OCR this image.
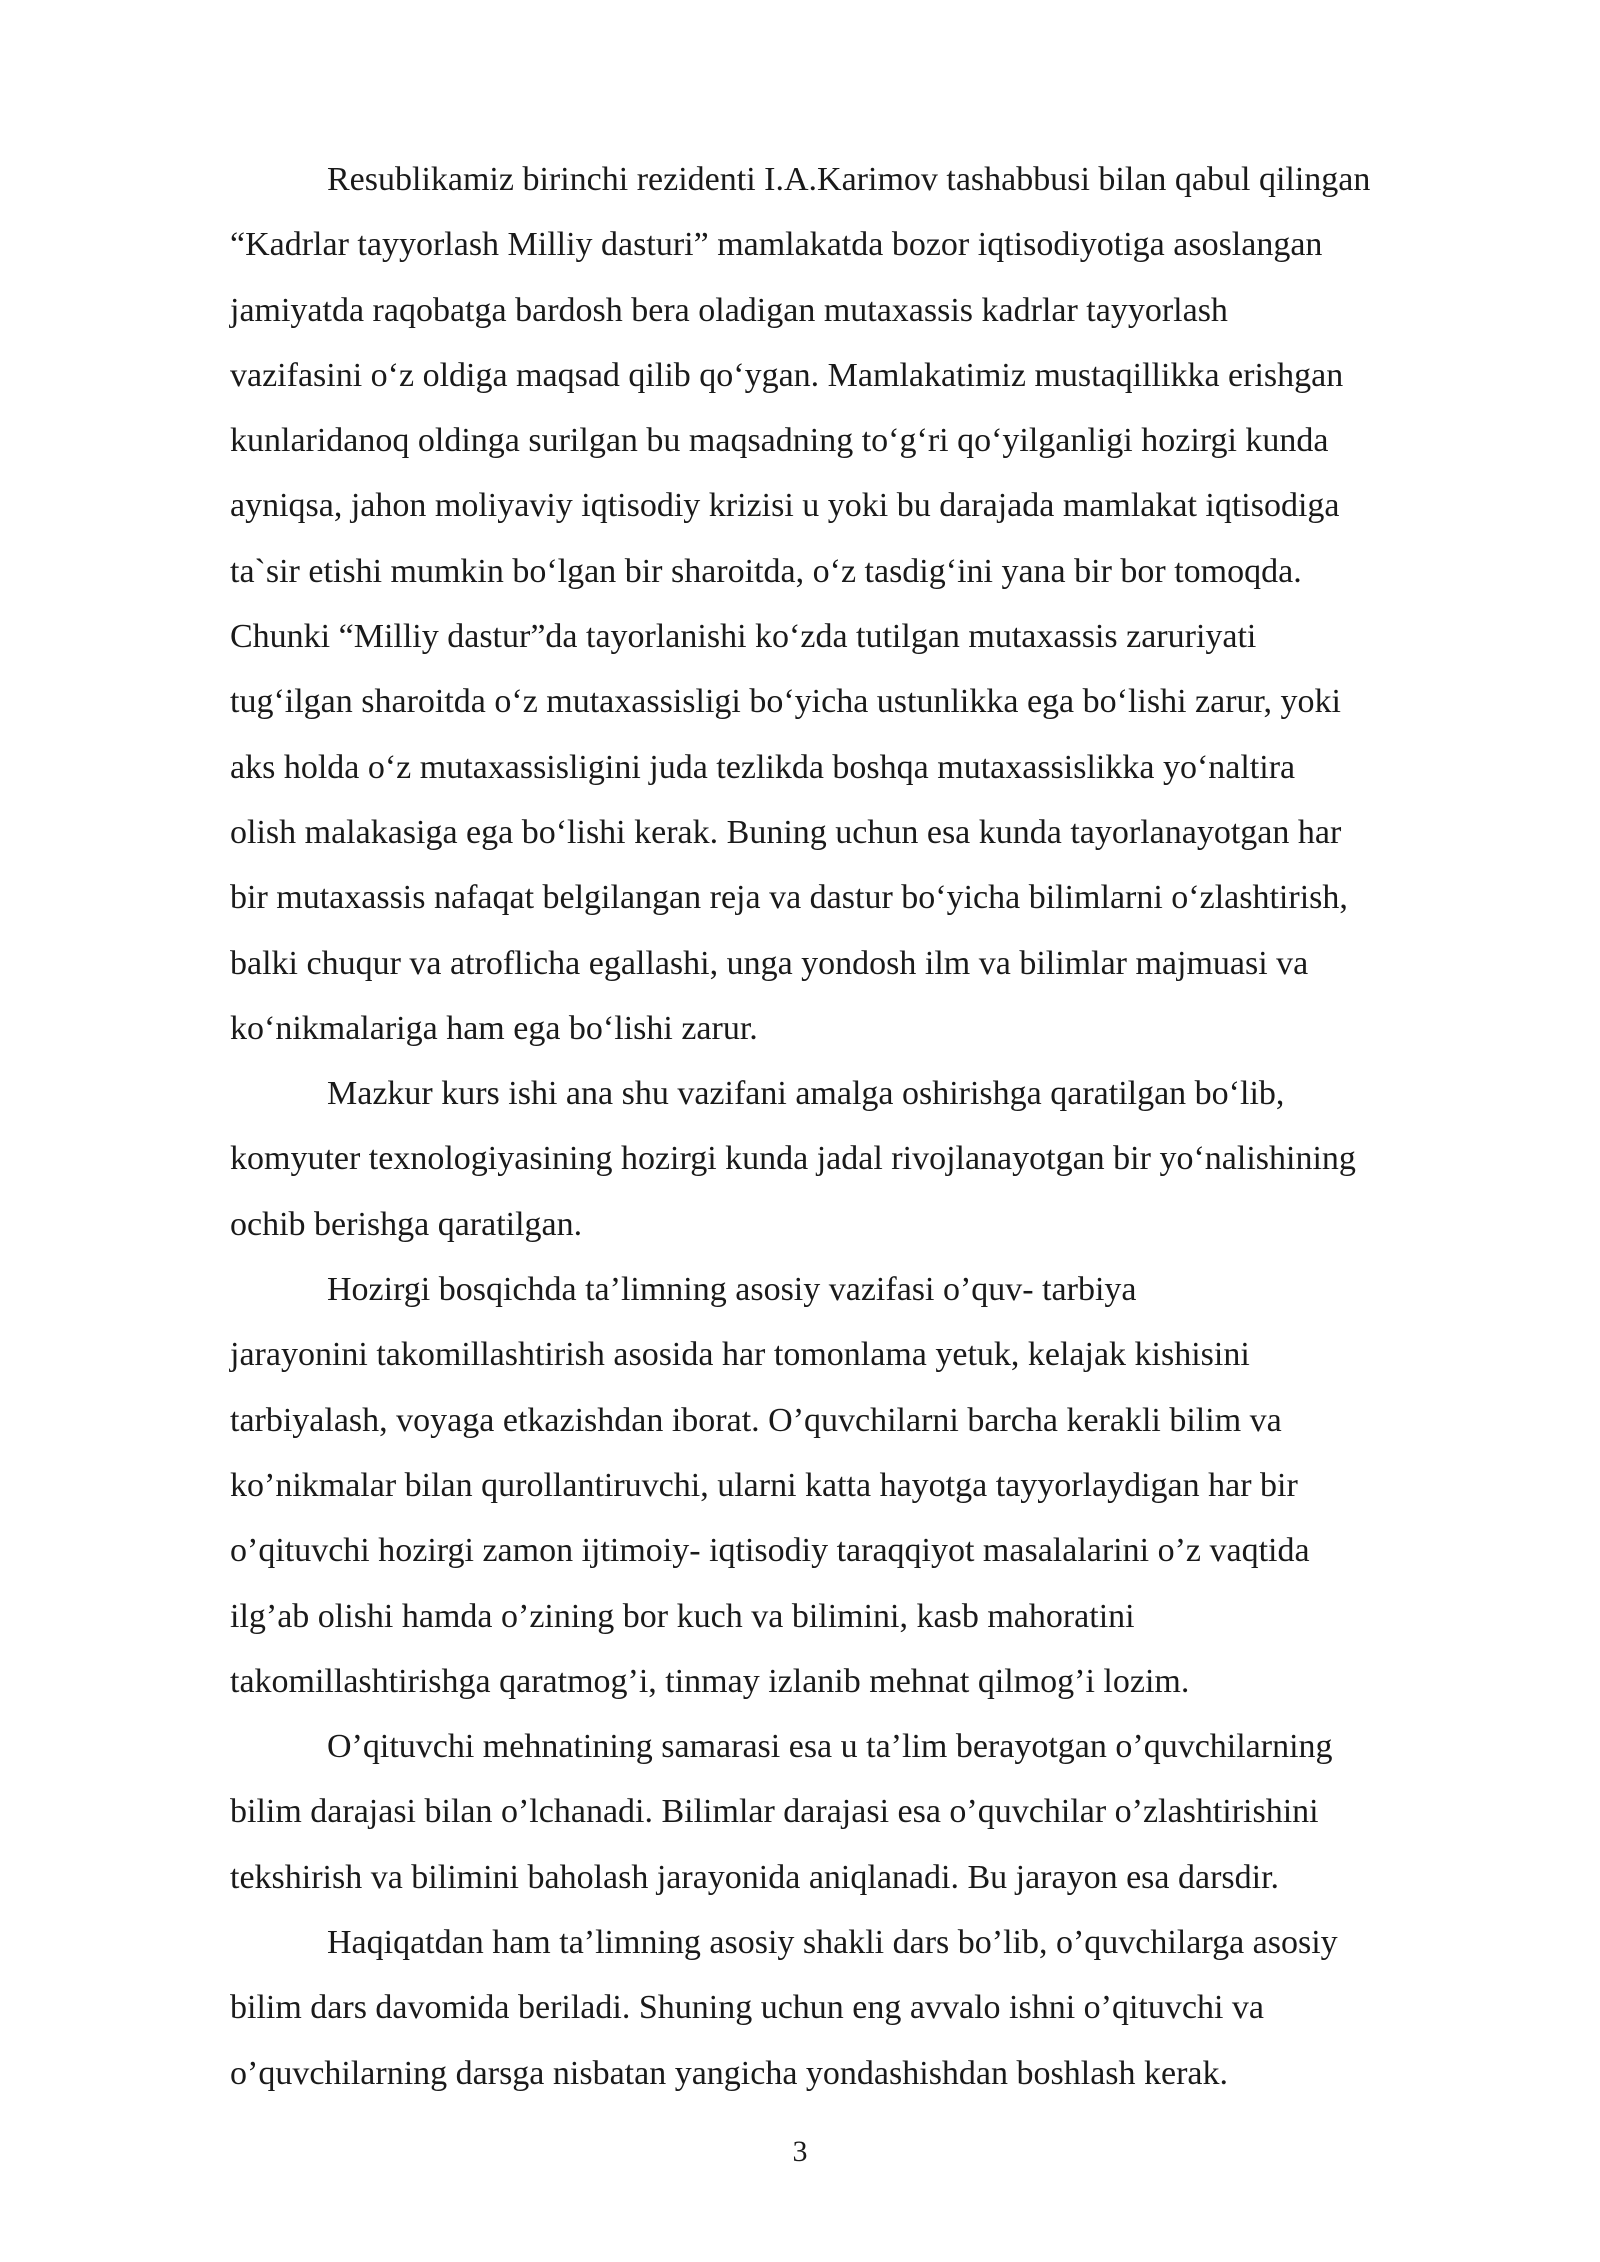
Resublikamiz birinchi rezidenti I.A.Karimov tashabbusi bilan qabul qilingan
“Kadrlar tayyorlash Milliy dasturi” mamlakatda bozor iqtisodiyotiga asoslangan
jamiyatda raqobatga bardosh bera oladigan mutaxassis kadrlar tayyorlash
vazifasini o‘z oldiga maqsad qilib qo‘ygan. Mamlakatimiz mustaqillikka erishgan
kunlaridanoq oldinga surilgan bu maqsadning to‘g‘ri qo‘yilganligi hozirgi kunda
ayniqsa, jahon moliyaviy iqtisodiy krizisi u yoki bu darajada mamlakat iqtisodiga
ta`sir etishi mumkin bo‘lgan bir sharoitda, o‘z tasdig‘ini yana bir bor tomoqda.
Chunki “Milliy dastur”da tayorlanishi ko‘zda tutilgan mutaxassis zaruriyati
tug‘ilgan sharoitda o‘z mutaxassisligi bo‘yicha ustunlikka ega bo‘lishi zarur, yoki
aks holda o‘z mutaxassisligini juda tezlikda boshqa mutaxassislikka yo‘naltira
olish malakasiga ega bo‘lishi kerak. Buning uchun esa kunda tayorlanayotgan har
bir mutaxassis nafaqat belgilangan reja va dastur bo‘yicha bilimlarni o‘zlashtirish,
balki chuqur va atroflicha egallashi, unga yondosh ilm va bilimlar majmuasi va
ko‘nikmalariga ham ega bo‘lishi zarur.
Mazkur kurs ishi ana shu vazifani amalga oshirishga qaratilgan bo‘lib,
komyuter texnologiyasining hozirgi kunda jadal rivojlanayotgan bir yo‘nalishining
ochib berishga qaratilgan.
Hozirgi bosqichda ta’limning asosiy vazifasi o’quv- tarbiya
jarayonini takomillashtirish asosida har tomonlama yetuk, kelajak kishisini
tarbiyalash, voyaga etkazishdan iborat. O’quvchilarni barcha kerakli bilim va
ko’nikmalar bilan qurollantiruvchi, ularni katta hayotga tayyorlaydigan har bir
o’qituvchi hozirgi zamon ijtimoiy- iqtisodiy taraqqiyot masalalarini o’z vaqtida
ilg’ab olishi hamda o’zining bor kuch va bilimini, kasb mahoratini
takomillashtirishga qaratmog’i, tinmay izlanib mehnat qilmog’i lozim.
O’qituvchi mehnatining samarasi esa u ta’lim berayotgan o’quvchilarning
bilim darajasi bilan o’lchanadi. Bilimlar darajasi esa o’quvchilar o’zlashtirishini
tekshirish va bilimini baholash jarayonida aniqlanadi. Bu jarayon esa darsdir.
Haqiqatdan ham ta’limning asosiy shakli dars bo’lib, o’quvchilarga asosiy
bilim dars davomida beriladi. Shuning uchun eng avvalo ishni o’qituvchi va
o’quvchilarning darsga nisbatan yangicha yondashishdan boshlash kerak.
3
